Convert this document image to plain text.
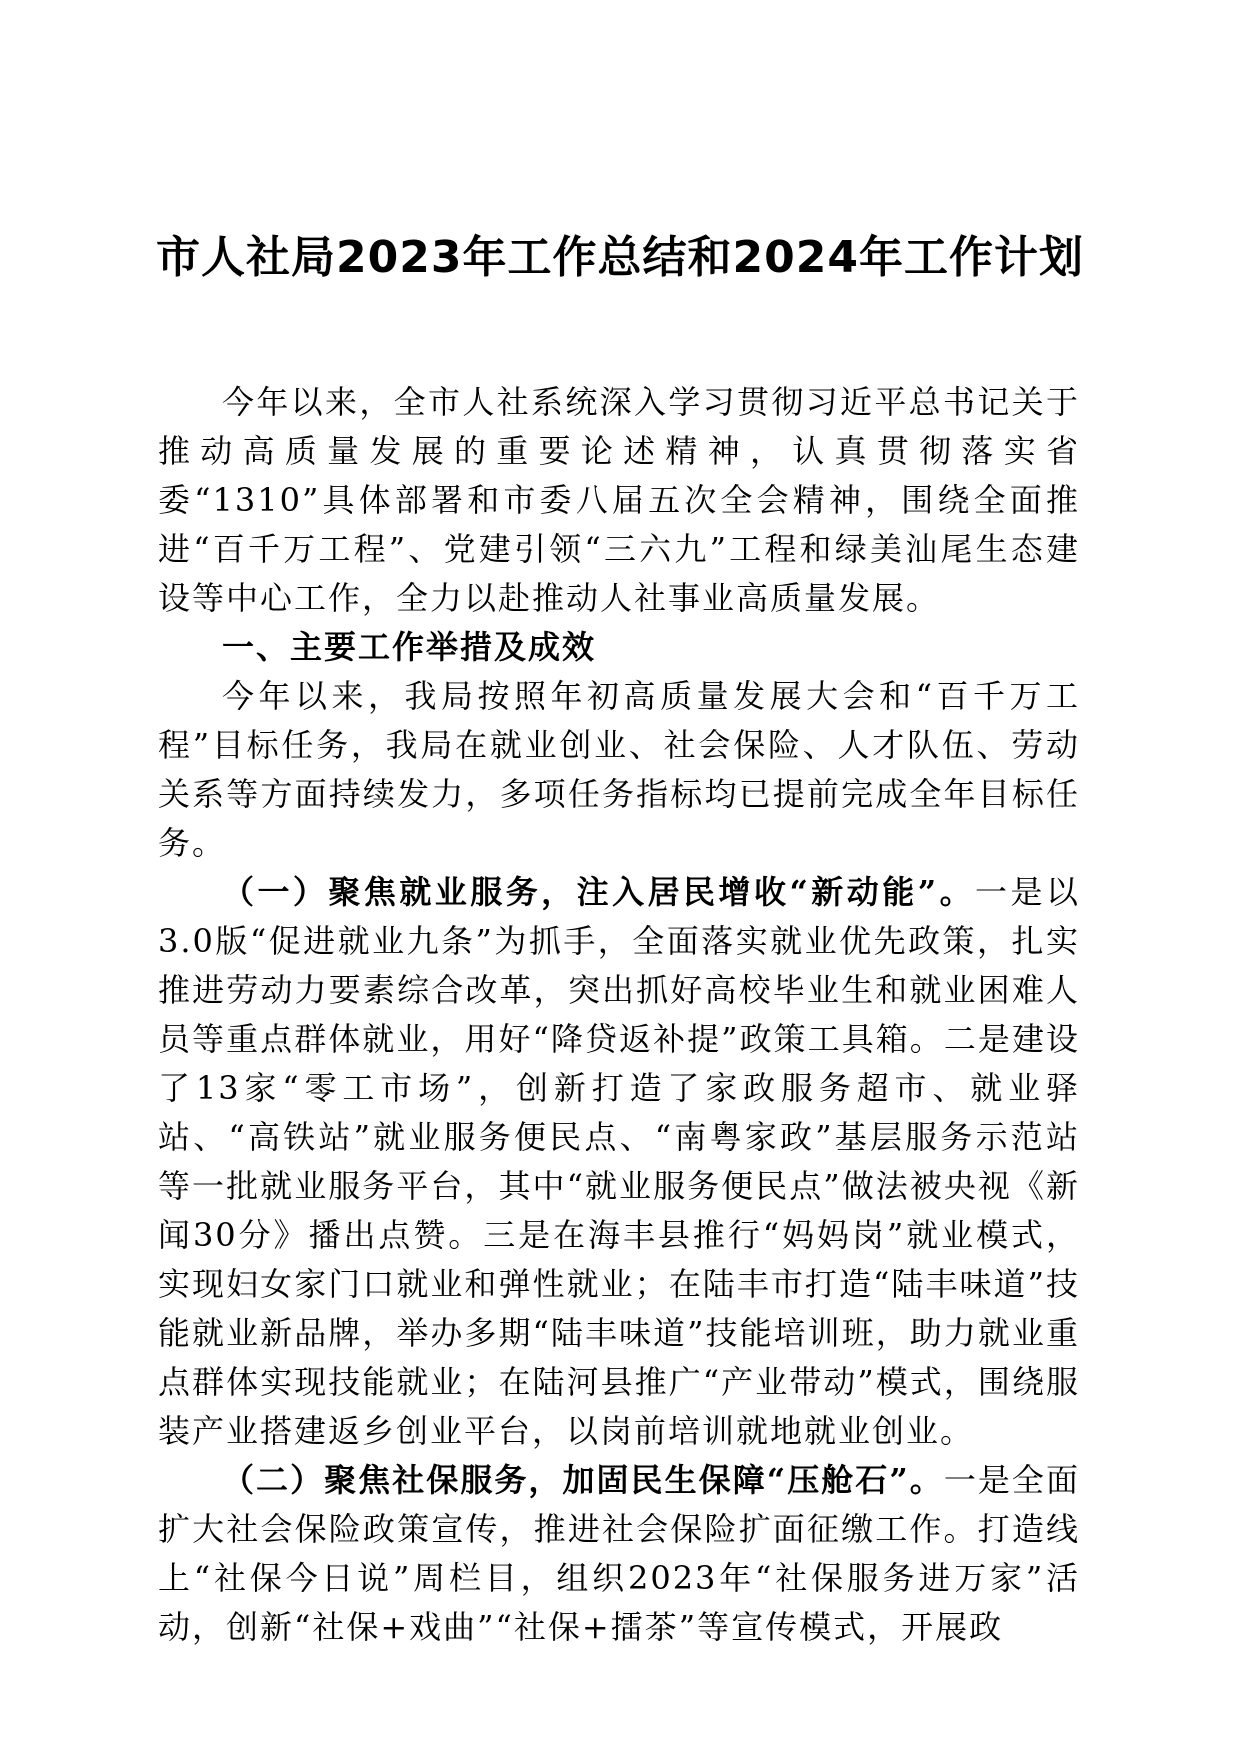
市人社局2023年工作总结和2024年工作计划

今年以来，全市人社系统深入学习贯彻习近平总书记关于推动高质量发展的重要论述精神，认真贯彻落实省委“1310”具体部署和市委八届五次全会精神，围绕全面推进“百千万工程”、党建引领“三六九”工程和绿美汕尾生态建设等中心工作，全力以赴推动人社事业高质量发展。

一、主要工作举措及成效

今年以来，我局按照年初高质量发展大会和“百千万工程”目标任务，我局在就业创业、社会保险、人才队伍、劳动关系等方面持续发力，多项任务指标均已提前完成全年目标任务。

（一）聚焦就业服务，注入居民增收“新动能”。一是以3.0版“促进就业九条”为抓手，全面落实就业优先政策，扎实推进劳动力要素综合改革，突出抓好高校毕业生和就业困难人员等重点群体就业，用好“降贷返补提”政策工具箱。二是建设了13家“零工市场”，创新打造了家政服务超市、就业驿站、“高铁站”就业服务便民点、“南粤家政”基层服务示范站等一批就业服务平台，其中“就业服务便民点”做法被央视《新闻30分》播出点赞。三是在海丰县推行“妈妈岗”就业模式，实现妇女家门口就业和弹性就业；在陆丰市打造“陆丰味道”技能就业新品牌，举办多期“陆丰味道”技能培训班，助力就业重点群体实现技能就业；在陆河县推广“产业带动”模式，围绕服装产业搭建返乡创业平台，以岗前培训就地就业创业。

（二）聚焦社保服务，加固民生保障“压舱石”。一是全面扩大社会保险政策宣传，推进社会保险扩面征缴工作。打造线上“社保今日说”周栏目，组织2023年“社保服务进万家”活动，创新“社保+戏曲”“社保+擂茶”等宣传模式，开展政
